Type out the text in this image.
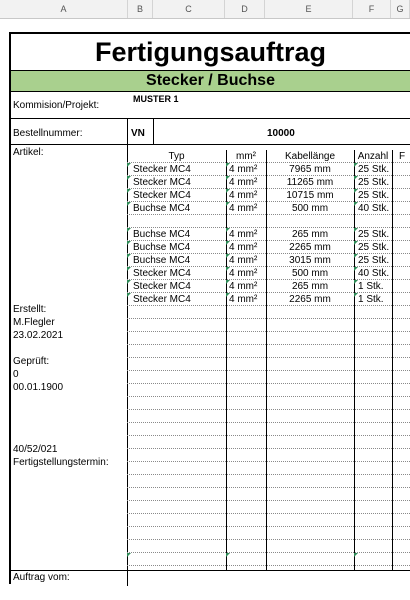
A	B	C	D	E	F	G
Fertigungsauftrag
Stecker / Buchse
Kommision/Projekt:
MUSTER 1
Bestellnummer:	VN	10000
Artikel:
Erstellt:
M.Flegler
23.02.2021
Geprüft:
0
00.01.1900
40/52/021
Fertigstellungstermin:
Typ	mm²	Kabellänge	Anzahl	F
Stecker MC4	4 mm²	7965 mm	25 Stk.
Stecker MC4	4 mm²	11265 mm	25 Stk.
Stecker MC4	4 mm²	10715 mm	25 Stk.
Buchse MC4	4 mm²	500 mm	40 Stk.
Buchse MC4	4 mm²	265 mm	25 Stk.
Buchse MC4	4 mm²	2265 mm	25 Stk.
Buchse MC4	4 mm²	3015 mm	25 Stk.
Stecker MC4	4 mm²	500 mm	40 Stk.
Stecker MC4	4 mm²	265 mm	1 Stk.
Stecker MC4	4 mm²	2265 mm	1 Stk.
Auftrag vom:
